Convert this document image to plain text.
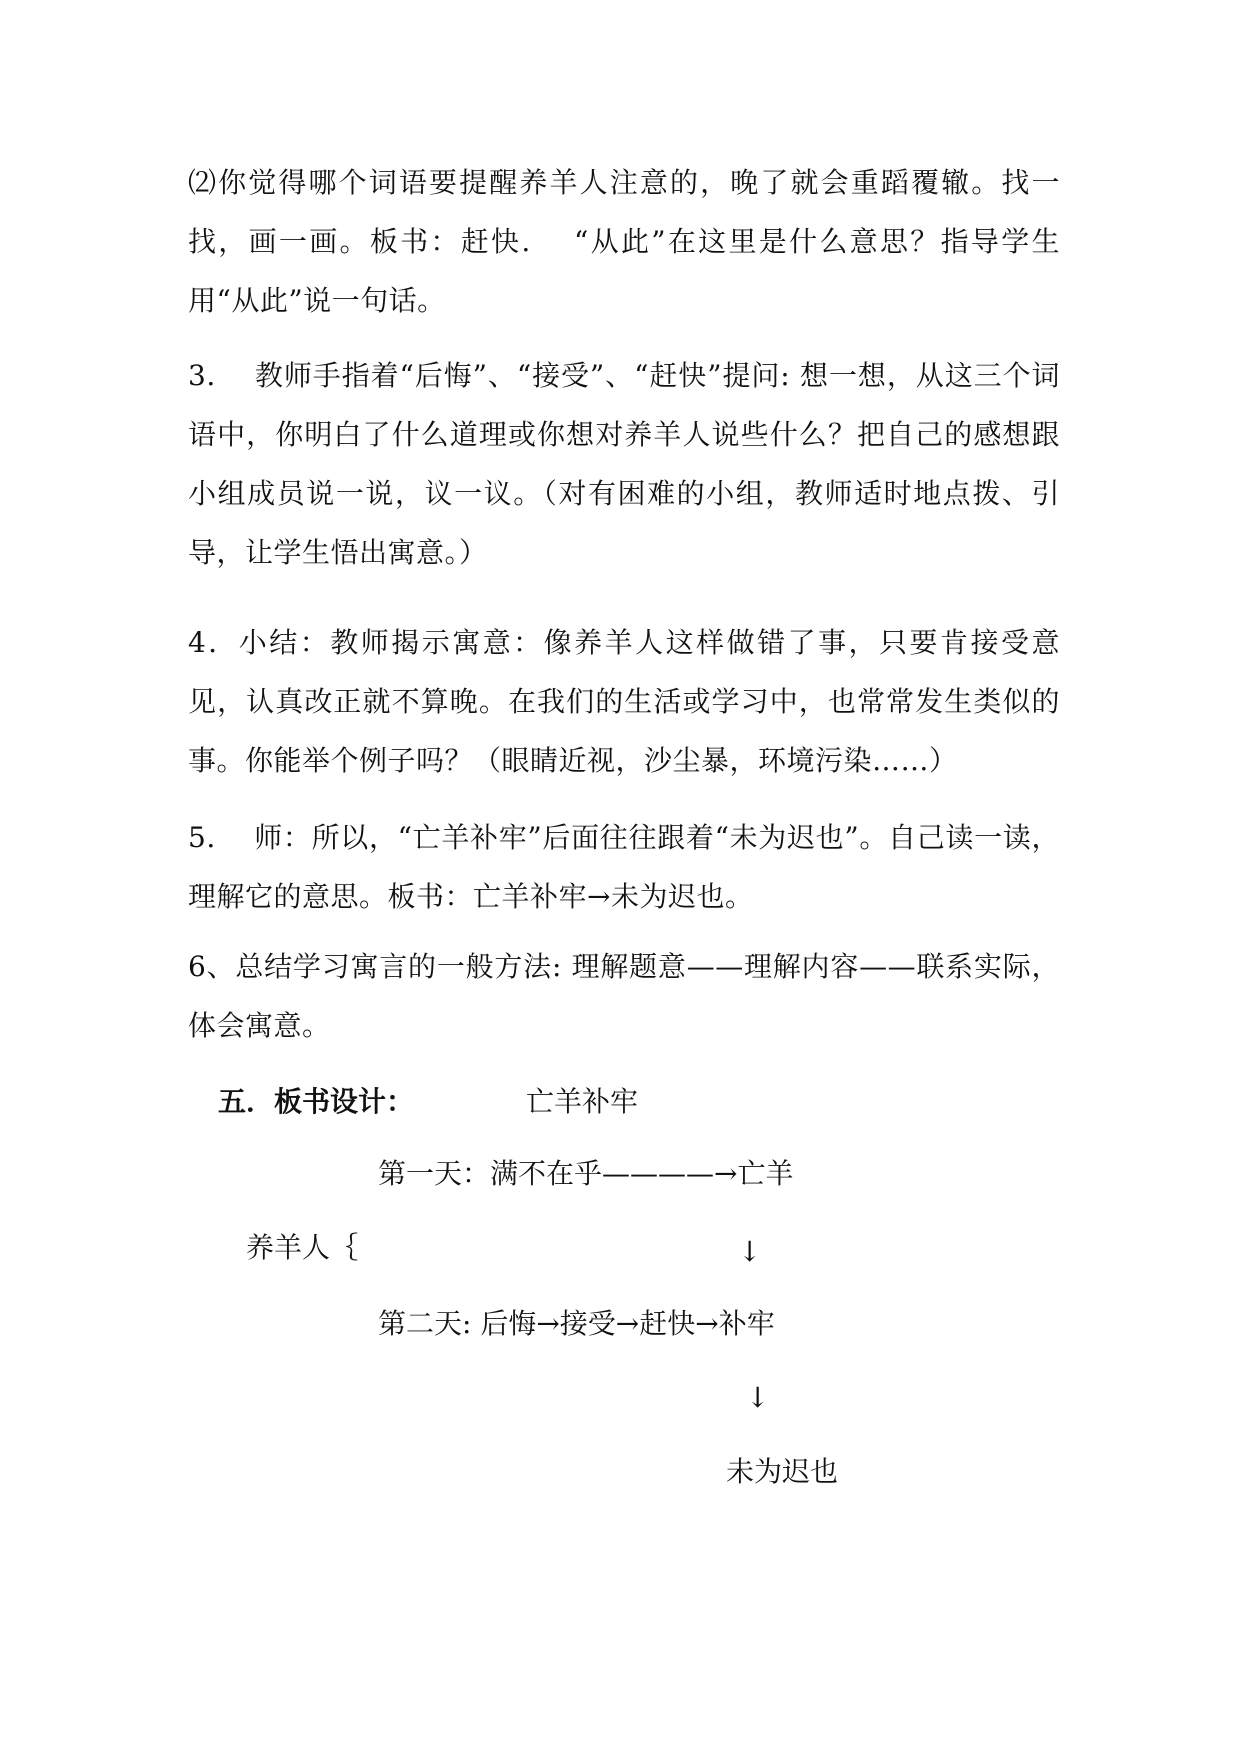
⑵你觉得哪个词语要提醒养羊人注意的，晚了就会重蹈覆辙。找一找，画一画。板书：赶快.　 “从此”在这里是什么意思？指导学生用“从此”说一句话。

3.　 教师手指着“后悔”、“接受”、“赶快”提问: 想一想，从这三个词语中，你明白了什么道理或你想对养羊人说些什么？把自己的感想跟小组成员说一说，议一议。（对有困难的小组，教师适时地点拨、引导，让学生悟出寓意。）

4．小结：教师揭示寓意：像养羊人这样做错了事，只要肯接受意见，认真改正就不算晚。在我们的生活或学习中，也常常发生类似的事。你能举个例子吗？（眼睛近视，沙尘暴，环境污染……）

5.　 师：所以，“亡羊补牢”后面往往跟着“未为迟也”。自己读一读，理解它的意思。板书：亡羊补牢→未为迟也。

6、总结学习寓言的一般方法: 理解题意——理解内容——联系实际，体会寓意。

五．板书设计：	亡羊补牢
第一天：满不在乎————→亡羊
养羊人｛	↓
第二天: 后悔→接受→赶快→补牢
↓
未为迟也
